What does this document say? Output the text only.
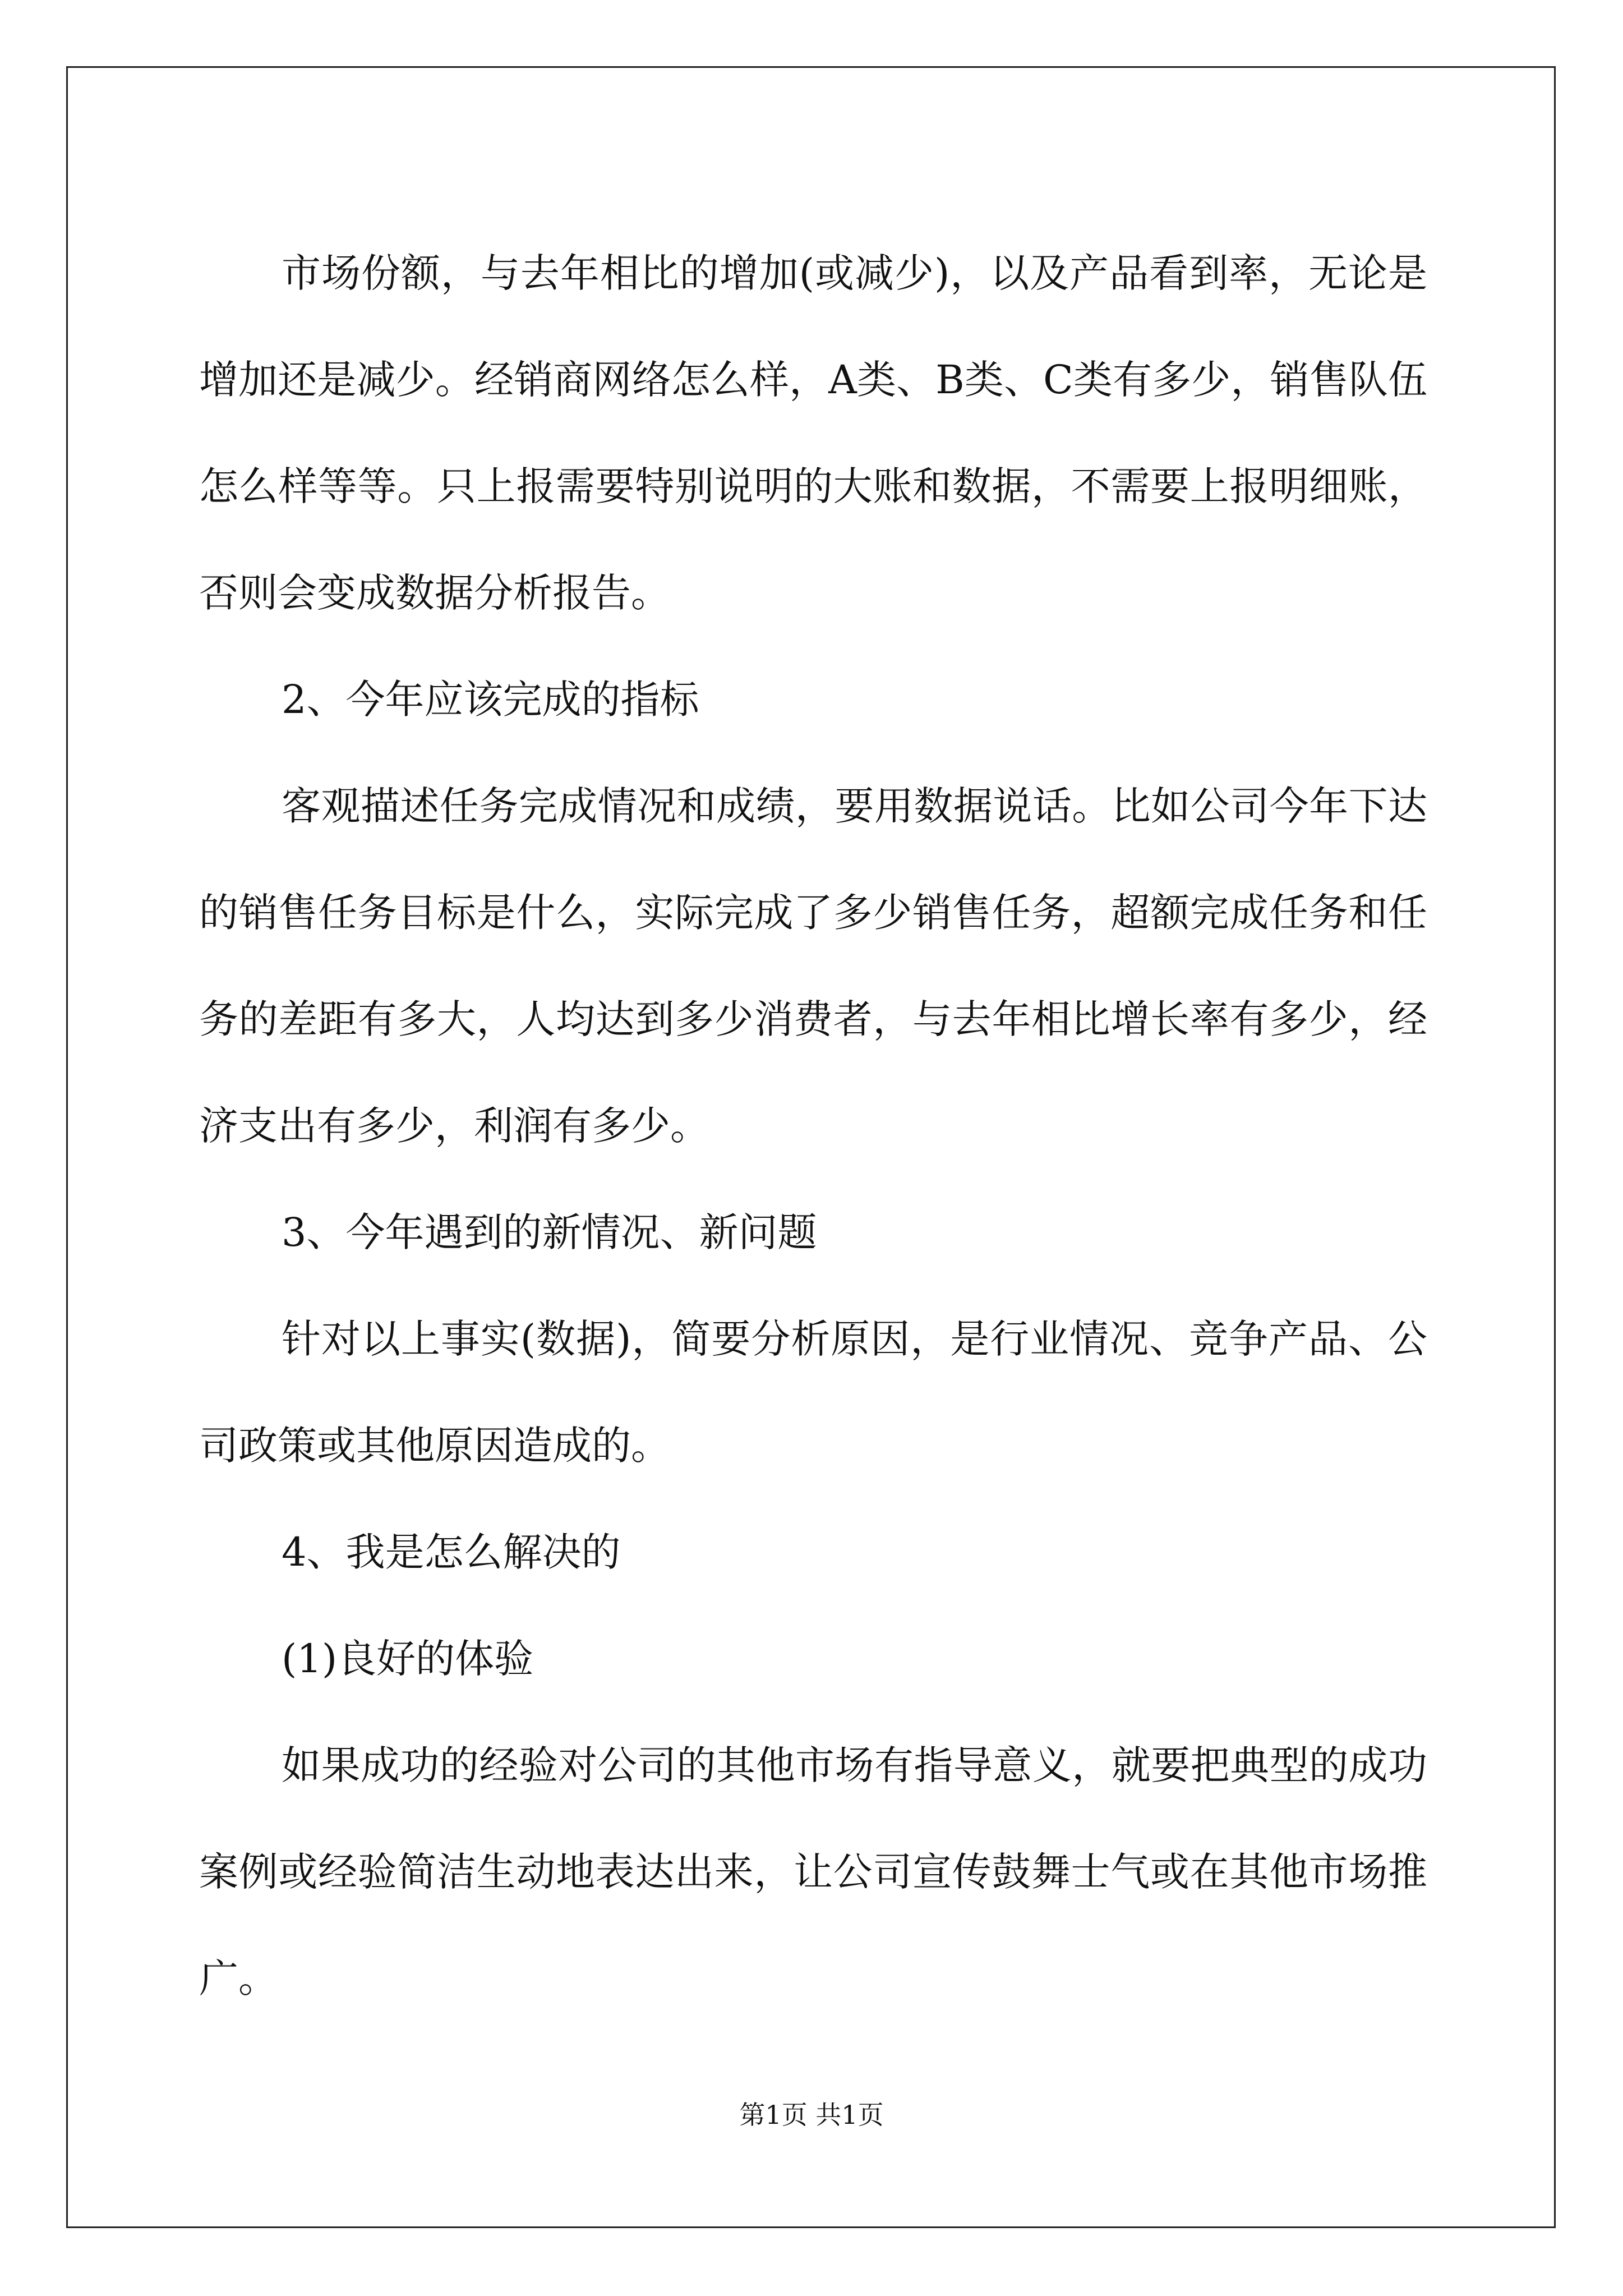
市场份额，与去年相比的增加(或减少)，以及产品看到率，无论是增加还是减少。经销商网络怎么样，A类、B类、C类有多少，销售队伍怎么样等等。只上报需要特别说明的大账和数据，不需要上报明细账，否则会变成数据分析报告。

2、今年应该完成的指标

客观描述任务完成情况和成绩，要用数据说话。比如公司今年下达的销售任务目标是什么，实际完成了多少销售任务，超额完成任务和任务的差距有多大，人均达到多少消费者，与去年相比增长率有多少，经济支出有多少，利润有多少。

3、今年遇到的新情况、新问题

针对以上事实(数据)，简要分析原因，是行业情况、竞争产品、公司政策或其他原因造成的。

4、我是怎么解决的

(1)良好的体验

如果成功的经验对公司的其他市场有指导意义，就要把典型的成功案例或经验简洁生动地表达出来，让公司宣传鼓舞士气或在其他市场推广。

第1页 共1页
